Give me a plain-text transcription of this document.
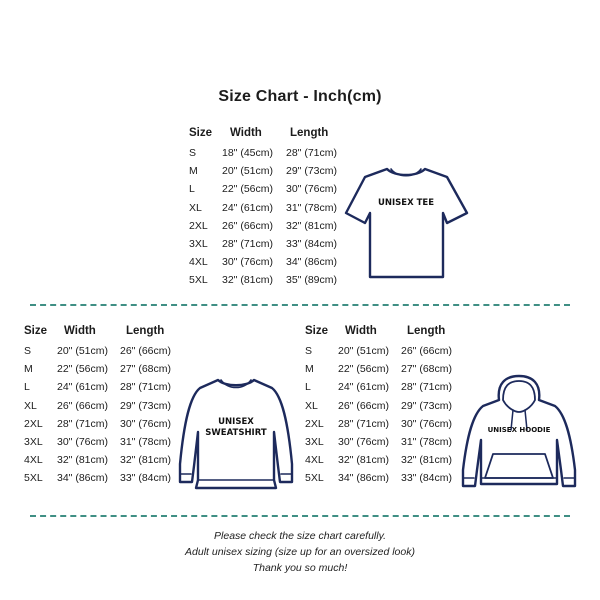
Size Chart - Inch(cm)
Size	Width	Length
S	18" (45cm)	28" (71cm)
M	20" (51cm)	29" (73cm)
L	22" (56cm)	30" (76cm)
XL	24" (61cm)	31" (78cm)
2XL	26" (66cm)	32" (81cm)
3XL	28" (71cm)	33" (84cm)
4XL	30" (76cm)	34" (86cm)
5XL	32" (81cm)	35" (89cm)
UNISEX TEE
Size	Width	Length
S	20" (51cm)	26" (66cm)
M	22" (56cm)	27" (68cm)
L	24" (61cm)	28" (71cm)
XL	26" (66cm)	29" (73cm)
2XL	28" (71cm)	30" (76cm)
3XL	30" (76cm)	31" (78cm)
4XL	32" (81cm)	32" (81cm)
5XL	34" (86cm)	33" (84cm)
UNISEX
SWEATSHIRT
Size	Width	Length
S	20" (51cm)	26" (66cm)
M	22" (56cm)	27" (68cm)
L	24" (61cm)	28" (71cm)
XL	26" (66cm)	29" (73cm)
2XL	28" (71cm)	30" (76cm)
3XL	30" (76cm)	31" (78cm)
4XL	32" (81cm)	32" (81cm)
5XL	34" (86cm)	33" (84cm)
UNISEX HOODIE
Please check the size chart carefully.
Adult unisex sizing (size up for an oversized look)
Thank you so much!
